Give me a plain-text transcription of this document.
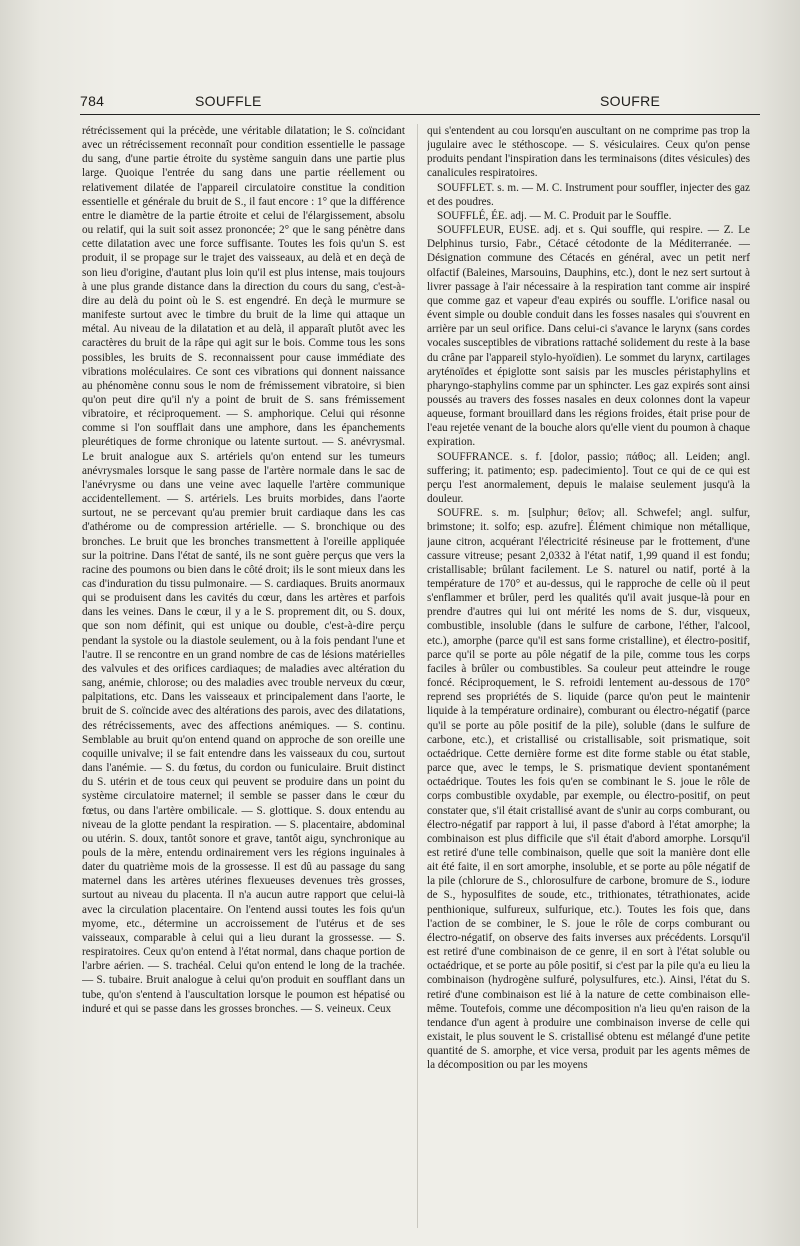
784	SOUFFLE	SOUFRE

rétrécissement qui la précède, une véritable dilatation; le S. coïncidant avec un rétrécissement reconnaît pour condition essentielle le passage du sang, d'une partie étroite du système sanguin dans une partie plus large. Quoique l'entrée du sang dans une partie réellement ou relativement dilatée de l'appareil circulatoire constitue la condition essentielle et générale du bruit de S., il faut encore : 1° que la différence entre le diamètre de la partie étroite et celui de l'élargissement, absolu ou relatif, qui la suit soit assez prononcée; 2° que le sang pénètre dans cette dilatation avec une force suffisante. Toutes les fois qu'un S. est produit, il se propage sur le trajet des vaisseaux, au delà et en deçà de son lieu d'origine, d'autant plus loin qu'il est plus intense, mais toujours à une plus grande distance dans la direction du cours du sang, c'est-à-dire au delà du point où le S. est engendré. En deçà le murmure se manifeste surtout avec le timbre du bruit de la lime qui attaque un métal. Au niveau de la dilatation et au delà, il apparaît plutôt avec les caractères du bruit de la râpe qui agit sur le bois. Comme tous les sons possibles, les bruits de S. reconnaissent pour cause immédiate des vibrations moléculaires. Ce sont ces vibrations qui donnent naissance au phénomène connu sous le nom de frémissement vibratoire, si bien qu'on peut dire qu'il n'y a point de bruit de S. sans frémissement vibratoire, et réciproquement. — S. amphorique. Celui qui résonne comme si l'on soufflait dans une amphore, dans les épanchements pleurétiques de forme chronique ou latente surtout. — S. anévrysmal. Le bruit analogue aux S. artériels qu'on entend sur les tumeurs anévrysmales lorsque le sang passe de l'artère normale dans le sac de l'anévrysme ou dans une veine avec laquelle l'artère communique accidentellement. — S. artériels. Les bruits morbides, dans l'aorte surtout, ne se percevant qu'au premier bruit cardiaque dans les cas d'athérome ou de compression artérielle. — S. bronchique ou des bronches. Le bruit que les bronches transmettent à l'oreille appliquée sur la poitrine. Dans l'état de santé, ils ne sont guère perçus que vers la racine des poumons ou bien dans le côté droit; ils le sont mieux dans les cas d'induration du tissu pulmonaire. — S. cardiaques. Bruits anormaux qui se produisent dans les cavités du cœur, dans les artères et parfois dans les veines. Dans le cœur, il y a le S. proprement dit, ou S. doux, que son nom définit, qui est unique ou double, c'est-à-dire perçu pendant la systole ou la diastole seulement, ou à la fois pendant l'une et l'autre. Il se rencontre en un grand nombre de cas de lésions matérielles des valvules et des orifices cardiaques; de maladies avec altération du sang, anémie, chlorose; ou des maladies avec trouble nerveux du cœur, palpitations, etc. Dans les vaisseaux et principalement dans l'aorte, le bruit de S. coïncide avec des altérations des parois, avec des dilatations, des rétrécissements, avec des affections anémiques. — S. continu. Semblable au bruit qu'on entend quand on approche de son oreille une coquille univalve; il se fait entendre dans les vaisseaux du cou, surtout dans l'anémie. — S. du fœtus, du cordon ou funiculaire. Bruit distinct du S. utérin et de tous ceux qui peuvent se produire dans un point du système circulatoire maternel; il semble se passer dans le cœur du fœtus, ou dans l'artère ombilicale. — S. glottique. S. doux entendu au niveau de la glotte pendant la respiration. — S. placentaire, abdominal ou utérin. S. doux, tantôt sonore et grave, tantôt aigu, synchronique au pouls de la mère, entendu ordinairement vers les régions inguinales à dater du quatrième mois de la grossesse. Il est dû au passage du sang maternel dans les artères utérines flexueuses devenues très grosses, surtout au niveau du placenta. Il n'a aucun autre rapport que celui-là avec la circulation placentaire. On l'entend aussi toutes les fois qu'un myome, etc., détermine un accroissement de l'utérus et de ses vaisseaux, comparable à celui qui a lieu durant la grossesse. — S. respiratoires. Ceux qu'on entend à l'état normal, dans chaque portion de l'arbre aérien. — S. trachéal. Celui qu'on entend le long de la trachée. — S. tubaire. Bruit analogue à celui qu'on produit en soufflant dans un tube, qu'on s'entend à l'auscultation lorsque le poumon est hépatisé ou induré et qui se passe dans les grosses bronches. — S. veineux. Ceux

qui s'entendent au cou lorsqu'en auscultant on ne comprime pas trop la jugulaire avec le stéthoscope. — S. vésiculaires. Ceux qu'on pense produits pendant l'inspiration dans les terminaisons (dites vésicules) des canalicules respiratoires.

SOUFFLET. s. m. — M. C. Instrument pour souffler, injecter des gaz et des poudres.

SOUFFLÉ, ÉE. adj. — M. C. Produit par le Souffle.

SOUFFLEUR, EUSE. adj. et s. Qui souffle, qui respire. — Z. Le Delphinus tursio, Fabr., Cétacé cétodonte de la Méditerranée. — Désignation commune des Cétacés en général, avec un petit nerf olfactif (Baleines, Marsouins, Dauphins, etc.), dont le nez sert surtout à livrer passage à l'air nécessaire à la respiration tant comme air inspiré que comme gaz et vapeur d'eau expirés ou souffle. L'orifice nasal ou évent simple ou double conduit dans les fosses nasales qui s'ouvrent en arrière par un seul orifice. Dans celui-ci s'avance le larynx (sans cordes vocales susceptibles de vibrations rattaché solidement du reste à la base du crâne par l'appareil stylo-hyoïdien). Le sommet du larynx, cartilages aryténoïdes et épiglotte sont saisis par les muscles péristaphylins et pharyngo-staphylins comme par un sphincter. Les gaz expirés sont ainsi poussés au travers des fosses nasales en deux colonnes dont la vapeur aqueuse, formant brouillard dans les régions froides, était prise pour de l'eau rejetée venant de la bouche alors qu'elle vient du poumon à chaque expiration.

SOUFFRANCE. s. f. [dolor, passio; πάθος; all. Leiden; angl. suffering; it. patimento; esp. padecimiento]. Tout ce qui de ce qui est perçu l'est anormalement, depuis le malaise seulement jusqu'à la douleur.

SOUFRE. s. m. [sulphur; θεῖον; all. Schwefel; angl. sulfur, brimstone; it. solfo; esp. azufre]. Élément chimique non métallique, jaune citron, acquérant l'électricité résineuse par le frottement, d'une cassure vitreuse; pesant 2,0332 à l'état natif, 1,99 quand il est fondu; cristallisable; brûlant facilement. Le S. naturel ou natif, porté à la température de 170° et au-dessus, qui le rapproche de celle où il peut s'enflammer et brûler, perd les qualités qu'il avait jusque-là pour en prendre d'autres qui lui ont mérité les noms de S. dur, visqueux, combustible, insoluble (dans le sulfure de carbone, l'éther, l'alcool, etc.), amorphe (parce qu'il est sans forme cristalline), et électro-positif, parce qu'il se porte au pôle négatif de la pile, comme tous les corps faciles à brûler ou combustibles. Sa couleur peut atteindre le rouge foncé. Réciproquement, le S. refroidi lentement au-dessous de 170° reprend ses propriétés de S. liquide (parce qu'on peut le maintenir liquide à la température ordinaire), comburant ou électro-négatif (parce qu'il se porte au pôle positif de la pile), soluble (dans le sulfure de carbone, etc.), et cristallisé ou cristallisable, soit prismatique, soit octaédrique. Cette dernière forme est dite forme stable ou état stable, parce que, avec le temps, le S. prismatique devient spontanément octaédrique. Toutes les fois qu'en se combinant le S. joue le rôle de corps combustible oxydable, par exemple, ou électro-positif, on peut constater que, s'il était cristallisé avant de s'unir au corps comburant, ou électro-négatif par rapport à lui, il passe d'abord à l'état amorphe; la combinaison est plus difficile que s'il était d'abord amorphe. Lorsqu'il est retiré d'une telle combinaison, quelle que soit la manière dont elle ait été faite, il en sort amorphe, insoluble, et se porte au pôle négatif de la pile (chlorure de S., chlorosulfure de carbone, bromure de S., iodure de S., hyposulfites de soude, etc., trithionates, tétrathionates, acide penthionique, sulfureux, sulfurique, etc.). Toutes les fois que, dans l'action de se combiner, le S. joue le rôle de corps comburant ou électro-négatif, on observe des faits inverses aux précédents. Lorsqu'il est retiré d'une combinaison de ce genre, il en sort à l'état soluble ou octaédrique, et se porte au pôle positif, si c'est par la pile qu'a eu lieu la combinaison (hydrogène sulfuré, polysulfures, etc.). Ainsi, l'état du S. retiré d'une combinaison est lié à la nature de cette combinaison elle-même. Toutefois, comme une décomposition n'a lieu qu'en raison de la tendance d'un agent à produire une combinaison inverse de celle qui existait, le plus souvent le S. cristallisé obtenu est mélangé d'une petite quantité de S. amorphe, et vice versa, produit par les agents mêmes de la décomposition ou par les moyens
